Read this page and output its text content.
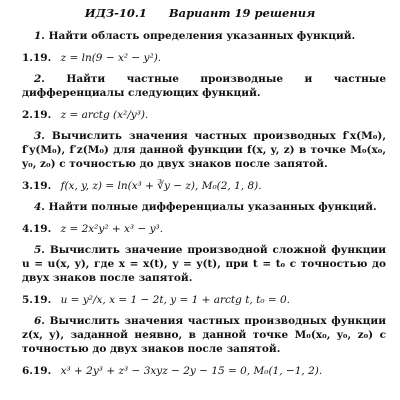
ИДЗ-10.1 Вариант 19 решения

1. Найти область определения указанных функций.

1.19. z = ln(9 − x² − y²).

2. Найти частные производные и частные дифференциалы следующих функций.

2.19. z = arctg (x²/y³).

3. Вычислить значения частных производных f′x(M₀), f′y(M₀), f′z(M₀) для данной функции f(x, y, z) в точке M₀(x₀, y₀, z₀) с точностью до двух знаков после запятой.

3.19. f(x, y, z) = ln(x³ + ∛y − z), M₀(2, 1, 8).

4. Найти полные дифференциалы указанных функций.

4.19. z = 2x²y² + x³ − y³.

5. Вычислить значение производной сложной функции u = u(x, y), где x = x(t), y = y(t), при t = t₀ с точностью до двух знаков после запятой.

5.19. u = y²/x, x = 1 − 2t, y = 1 + arctg t, t₀ = 0.

6. Вычислить значения частных производных функции z(x, y), заданной неявно, в данной точке M₀(x₀, y₀, z₀) с точностью до двух знаков после запятой.

6.19. x³ + 2y³ + z³ − 3xyz − 2y − 15 = 0, M₀(1, −1, 2).
